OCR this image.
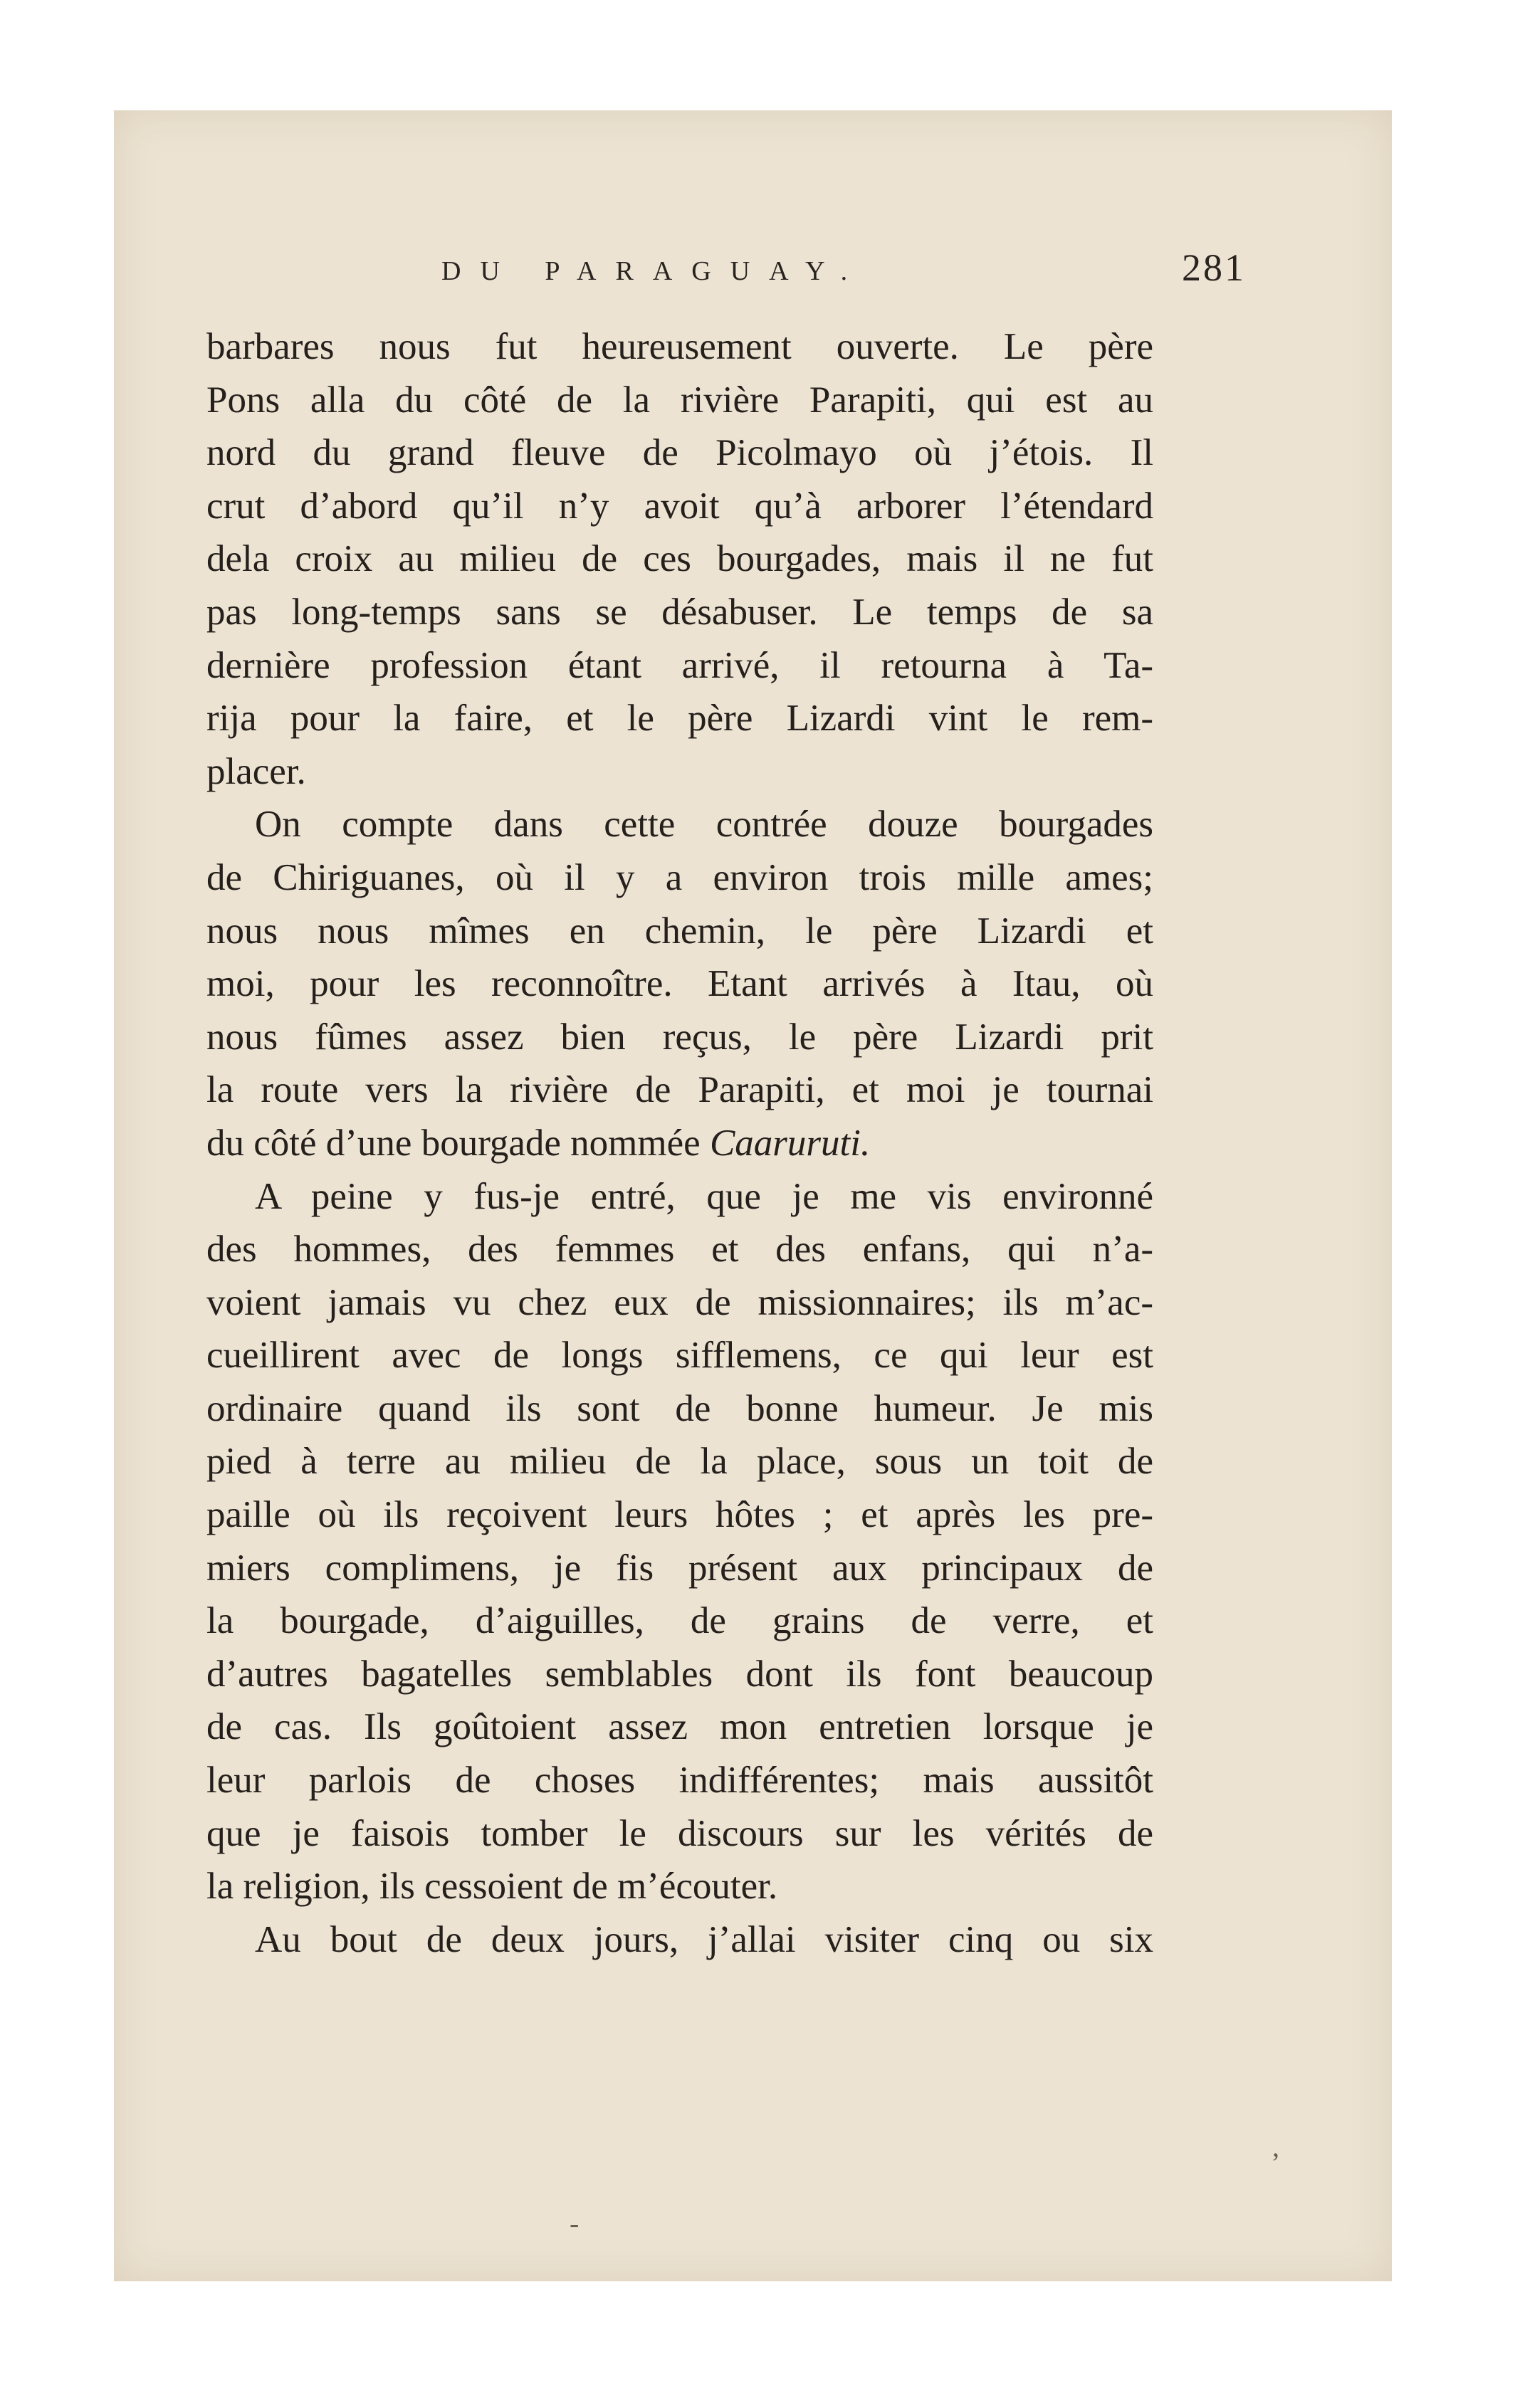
DU PARAGUAY.	281
barbares nous fut heureusement ouverte. Le père
Pons alla du côté de la rivière Parapiti, qui est au
nord du grand fleuve de Picolmayo où j’étois. Il
crut d’abord qu’il n’y avoit qu’à arborer l’étendard
dela croix au milieu de ces bourgades, mais il ne fut
pas long-temps sans se désabuser. Le temps de sa
dernière profession étant arrivé, il retourna à Ta-
rija pour la faire, et le père Lizardi vint le rem-
placer.
On compte dans cette contrée douze bourgades
de Chiriguanes, où il y a environ trois mille ames;
nous nous mîmes en chemin, le père Lizardi et
moi, pour les reconnoître. Etant arrivés à Itau, où
nous fûmes assez bien reçus, le père Lizardi prit
la route vers la rivière de Parapiti, et moi je tournai
du côté d’une bourgade nommée Caaruruti.
A peine y fus-je entré, que je me vis environné
des hommes, des femmes et des enfans, qui n’a-
voient jamais vu chez eux de missionnaires; ils m’ac-
cueillirent avec de longs sifflemens, ce qui leur est
ordinaire quand ils sont de bonne humeur. Je mis
pied à terre au milieu de la place, sous un toit de
paille où ils reçoivent leurs hôtes ; et après les pre-
miers complimens, je fis présent aux principaux de
la bourgade, d’aiguilles, de grains de verre, et
d’autres bagatelles semblables dont ils font beaucoup
de cas. Ils goûtoient assez mon entretien lorsque je
leur parlois de choses indifférentes; mais aussitôt
que je faisois tomber le discours sur les vérités de
la religion, ils cessoient de m’écouter.
Au bout de deux jours, j’allai visiter cinq ou six
’
-
